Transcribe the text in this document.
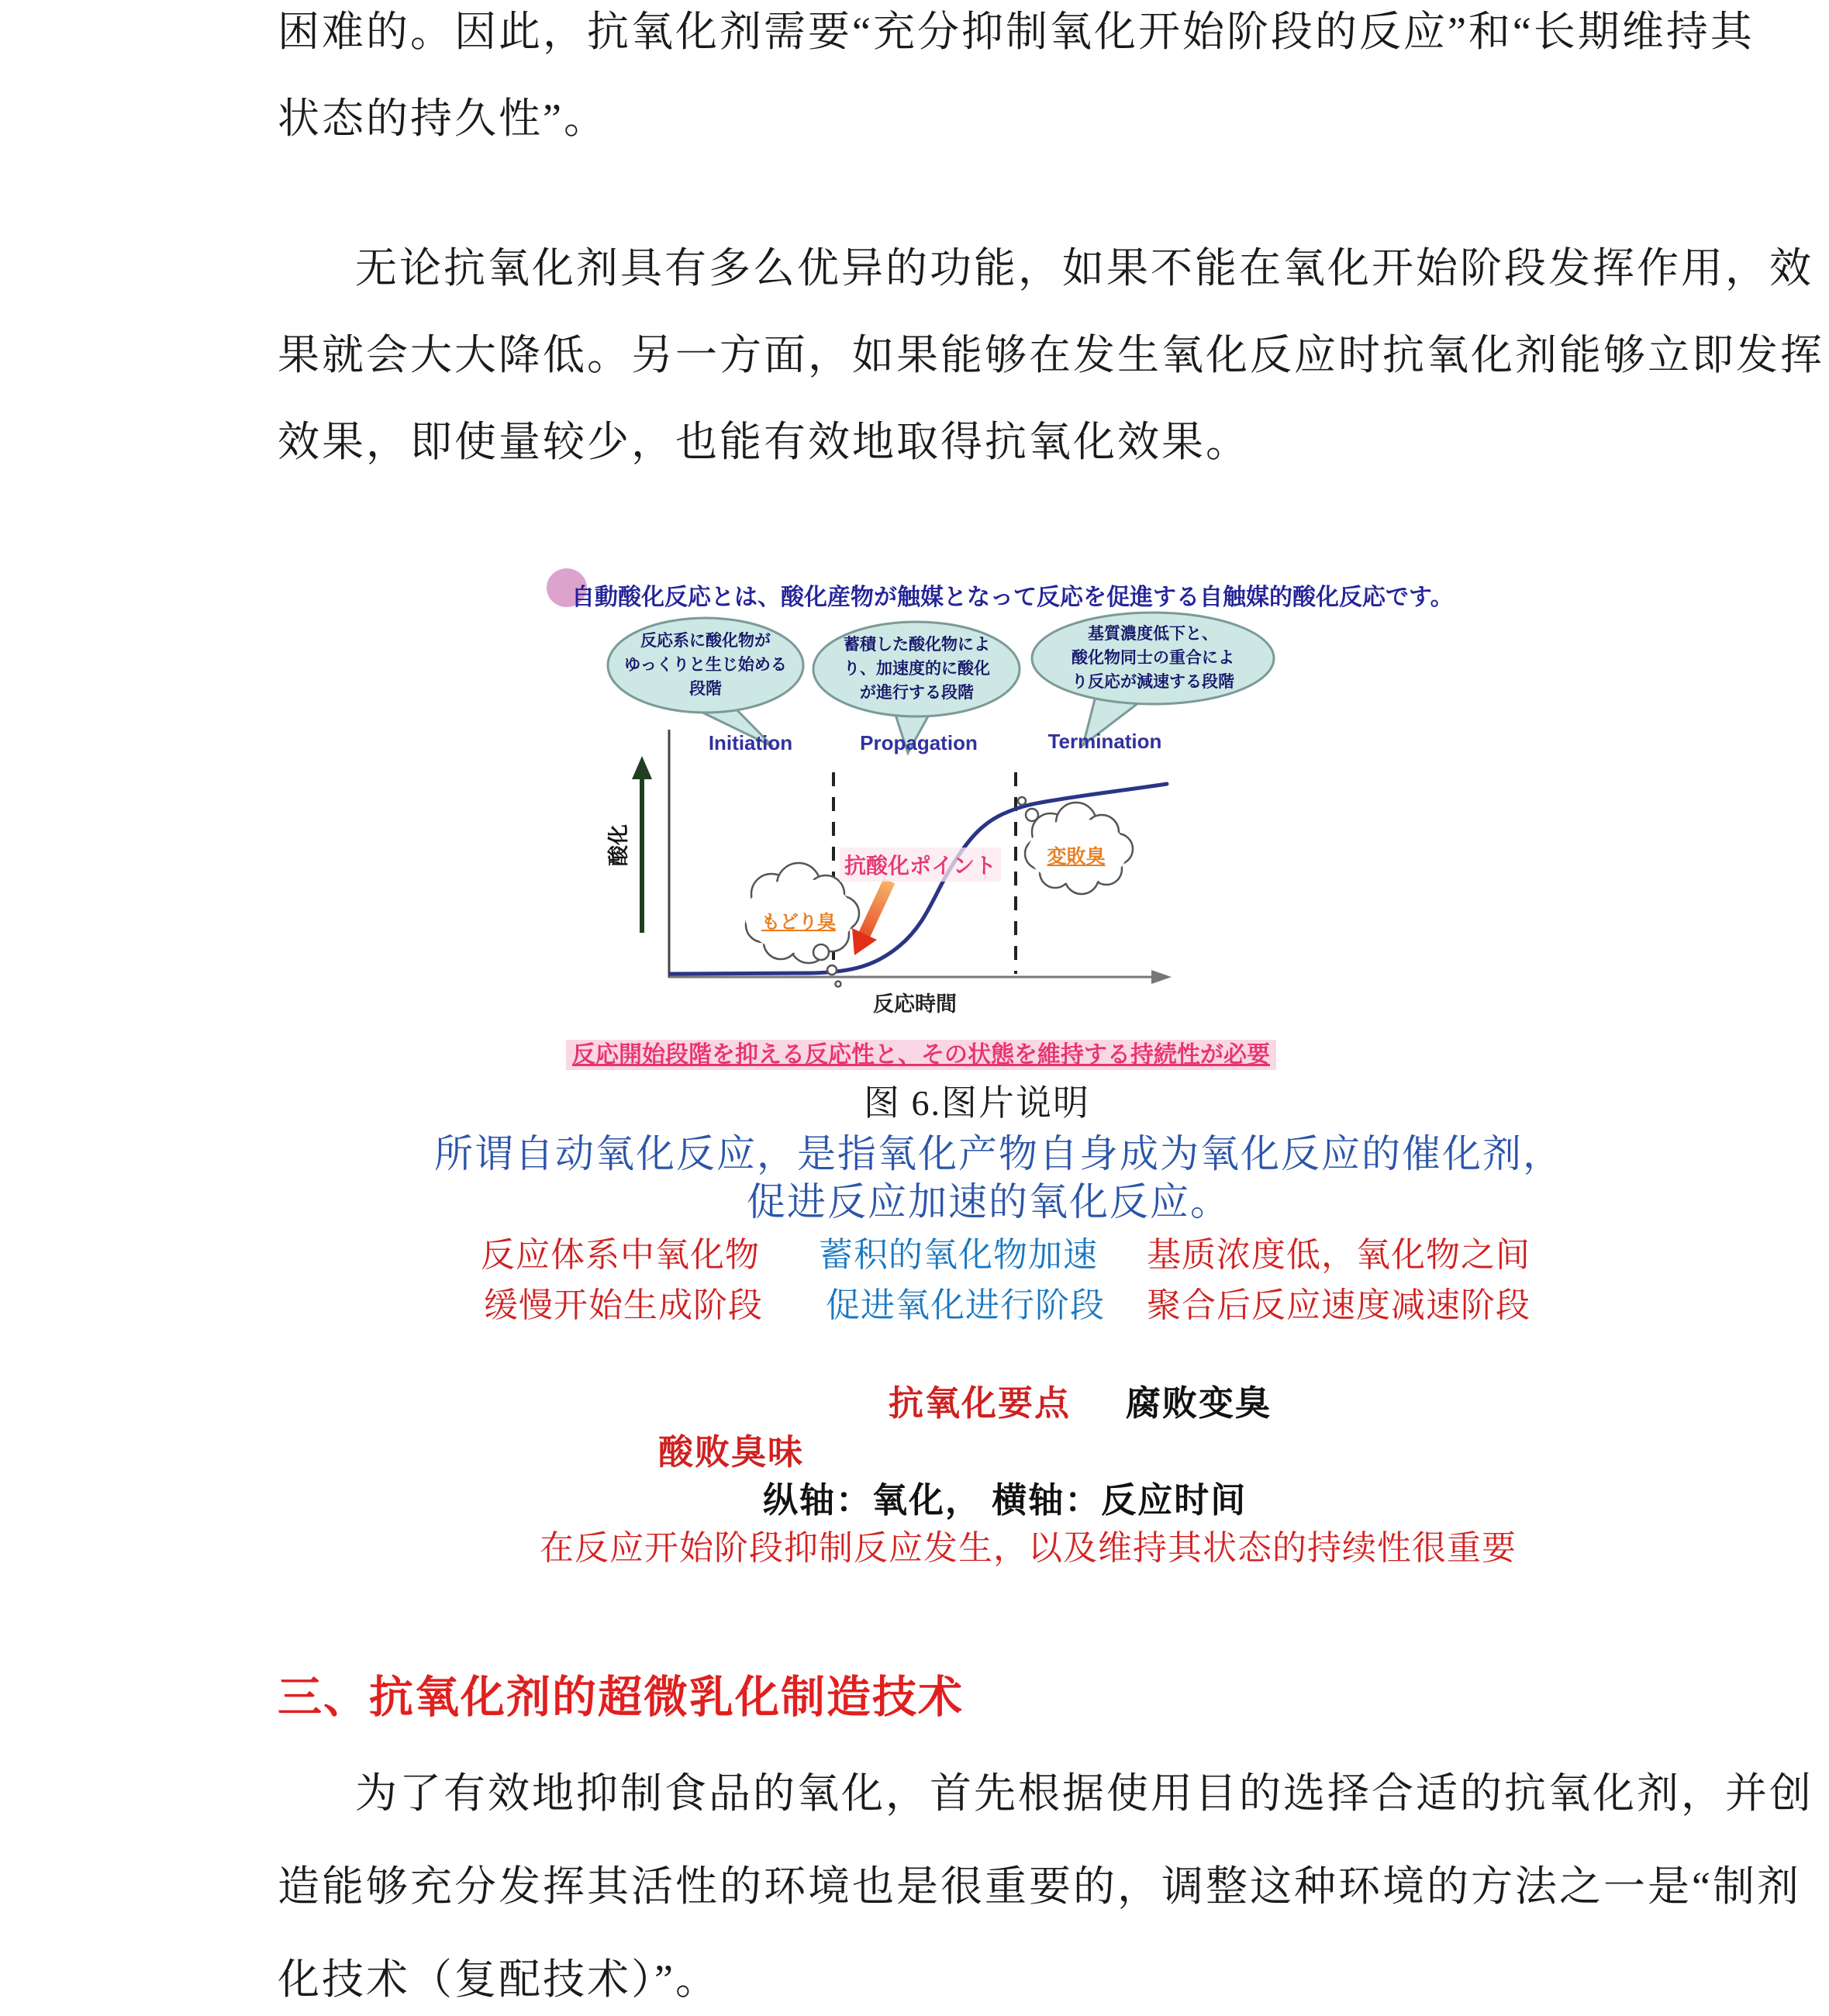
困难的。因此，抗氧化剂需要“充分抑制氧化开始阶段的反应”和“长期维持其
状态的持久性”。
无论抗氧化剂具有多么优异的功能，如果不能在氧化开始阶段发挥作用，效
果就会大大降低。另一方面，如果能够在发生氧化反应时抗氧化剂能够立即发挥
效果，即使量较少，也能有效地取得抗氧化效果。
自動酸化反応とは、酸化産物が触媒となって反応を促進する自触媒的酸化反応です。
反応系に酸化物が
ゆっくりと生じ始める
段階
蓄積した酸化物によ
り、加速度的に酸化
が進行する段階
基質濃度低下と、
酸化物同士の重合によ
り反応が減速する段階
Initiation	Propagation	Termination
酸化	抗酸化ポイント
もどり臭
変敗臭
反応時間
反応開始段階を抑える反応性と、その状態を維持する持続性が必要
图 6.图片说明
所谓自动氧化反应，是指氧化产物自身成为氧化反应的催化剂，
促进反应加速的氧化反应。
反应体系中氧化物 蓄积的氧化物加速 基质浓度低，氧化物之间
缓慢开始生成阶段 促进氧化进行阶段 聚合后反应速度减速阶段
抗氧化要点 腐败变臭
酸败臭味
纵轴：氧化， 横轴：反应时间
在反应开始阶段抑制反应发生，以及维持其状态的持续性很重要
三、抗氧化剂的超微乳化制造技术
为了有效地抑制食品的氧化，首先根据使用目的选择合适的抗氧化剂，并创
造能够充分发挥其活性的环境也是很重要的，调整这种环境的方法之一是“制剂
化技术（复配技术）”。
